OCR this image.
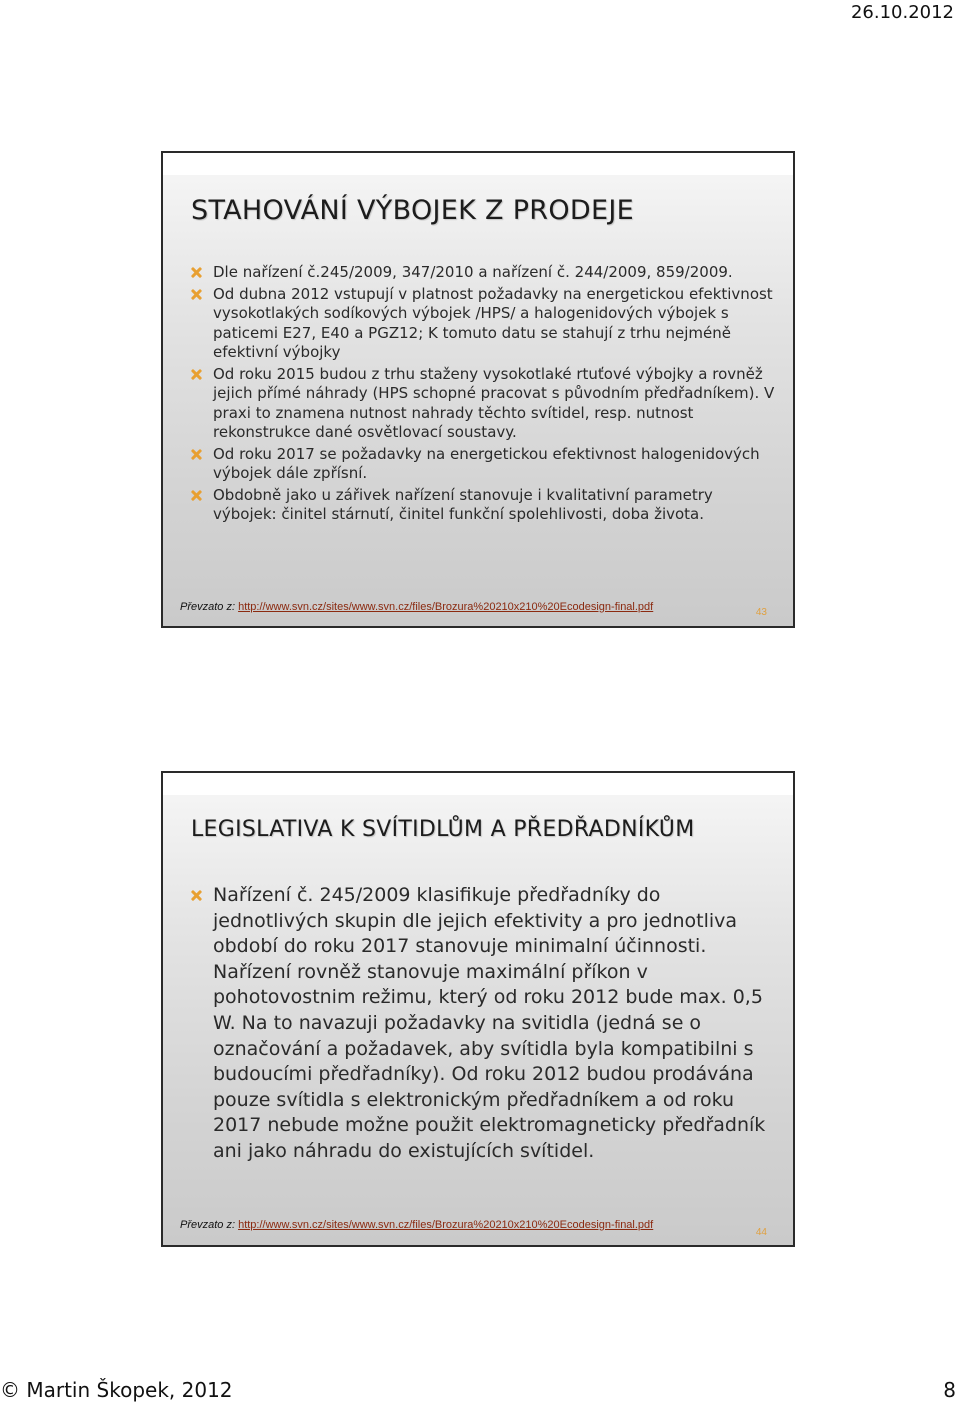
26.10.2012
STAHOVÁNÍ VÝBOJEK Z PRODEJE
Dle nařízení č.245/2009, 347/2010 a nařízení č. 244/2009, 859/2009.
Od dubna 2012 vstupují v platnost požadavky na energetickou efektivnost vysokotlakých sodíkových výbojek /HPS/ a halogenidových výbojek s paticemi E27, E40 a PGZ12; K tomuto datu se stahují z trhu nejméně efektivní výbojky
Od roku 2015 budou z trhu staženy vysokotlaké rtuťové výbojky a rovněž jejich přímé náhrady (HPS schopné pracovat s původním předřadníkem). V praxi to znamena nutnost nahrady těchto svítidel, resp. nutnost rekonstrukce dané osvětlovací soustavy.
Od roku 2017 se požadavky na energetickou efektivnost halogenidových výbojek dále zpřísní.
Obdobně jako u zářivek nařízení stanovuje i kvalitativní parametry výbojek: činitel stárnutí, činitel funkční spolehlivosti, doba života.
Převzato z: http://www.svn.cz/sites/www.svn.cz/files/Brozura%20210x210%20Ecodesign-final.pdf	43
LEGISLATIVA K SVÍTIDLŮM A PŘEDŘADNÍKŮM
Nařízení č. 245/2009 klasifikuje předřadníky do jednotlivých skupin dle jejich efektivity a pro jednotliva období do roku 2017 stanovuje minimalní účinnosti. Nařízení rovněž stanovuje maximální příkon v pohotovostnim režimu, který od roku 2012 bude max. 0,5 W. Na to navazuji požadavky na svitidla (jedná se o označování a požadavek, aby svítidla byla kompatibilni s budoucími předřadníky). Od roku 2012 budou prodávána pouze svítidla s elektronickým předřadníkem a od roku 2017 nebude možne použit elektromagneticky předřadník ani jako náhradu do existujících svítidel.
Převzato z: http://www.svn.cz/sites/www.svn.cz/files/Brozura%20210x210%20Ecodesign-final.pdf
44
© Martin Škopek, 2012	8
